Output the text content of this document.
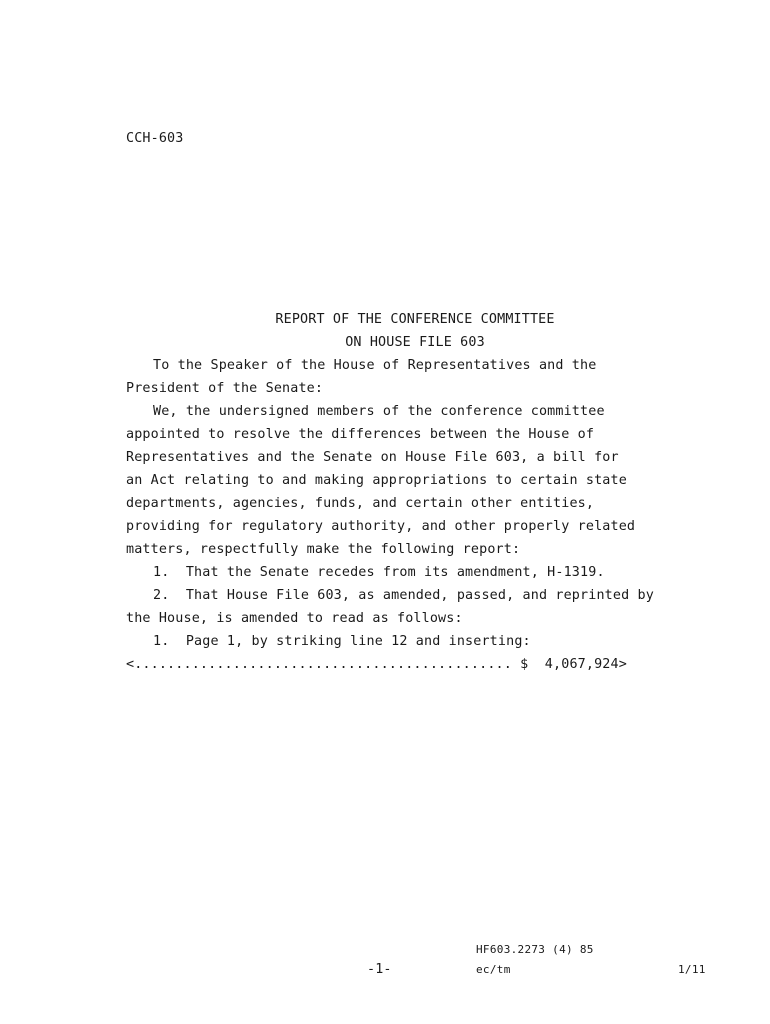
CCH-603
REPORT OF THE CONFERENCE COMMITTEE
ON HOUSE FILE 603
To the Speaker of the House of Representatives and the
President of the Senate:
We, the undersigned members of the conference committee
appointed to resolve the differences between the House of
Representatives and the Senate on House File 603, a bill for
an Act relating to and making appropriations to certain state
departments, agencies, funds, and certain other entities,
providing for regulatory authority, and other properly related
matters, respectfully make the following report:
1.  That the Senate recedes from its amendment, H-1319.
2.  That House File 603, as amended, passed, and reprinted by
the House, is amended to read as follows:
1.  Page 1, by striking line 12 and inserting:
<.............................................. $  4,067,924>
HF603.2273 (4) 85
-1-	ec/tm	1/11
